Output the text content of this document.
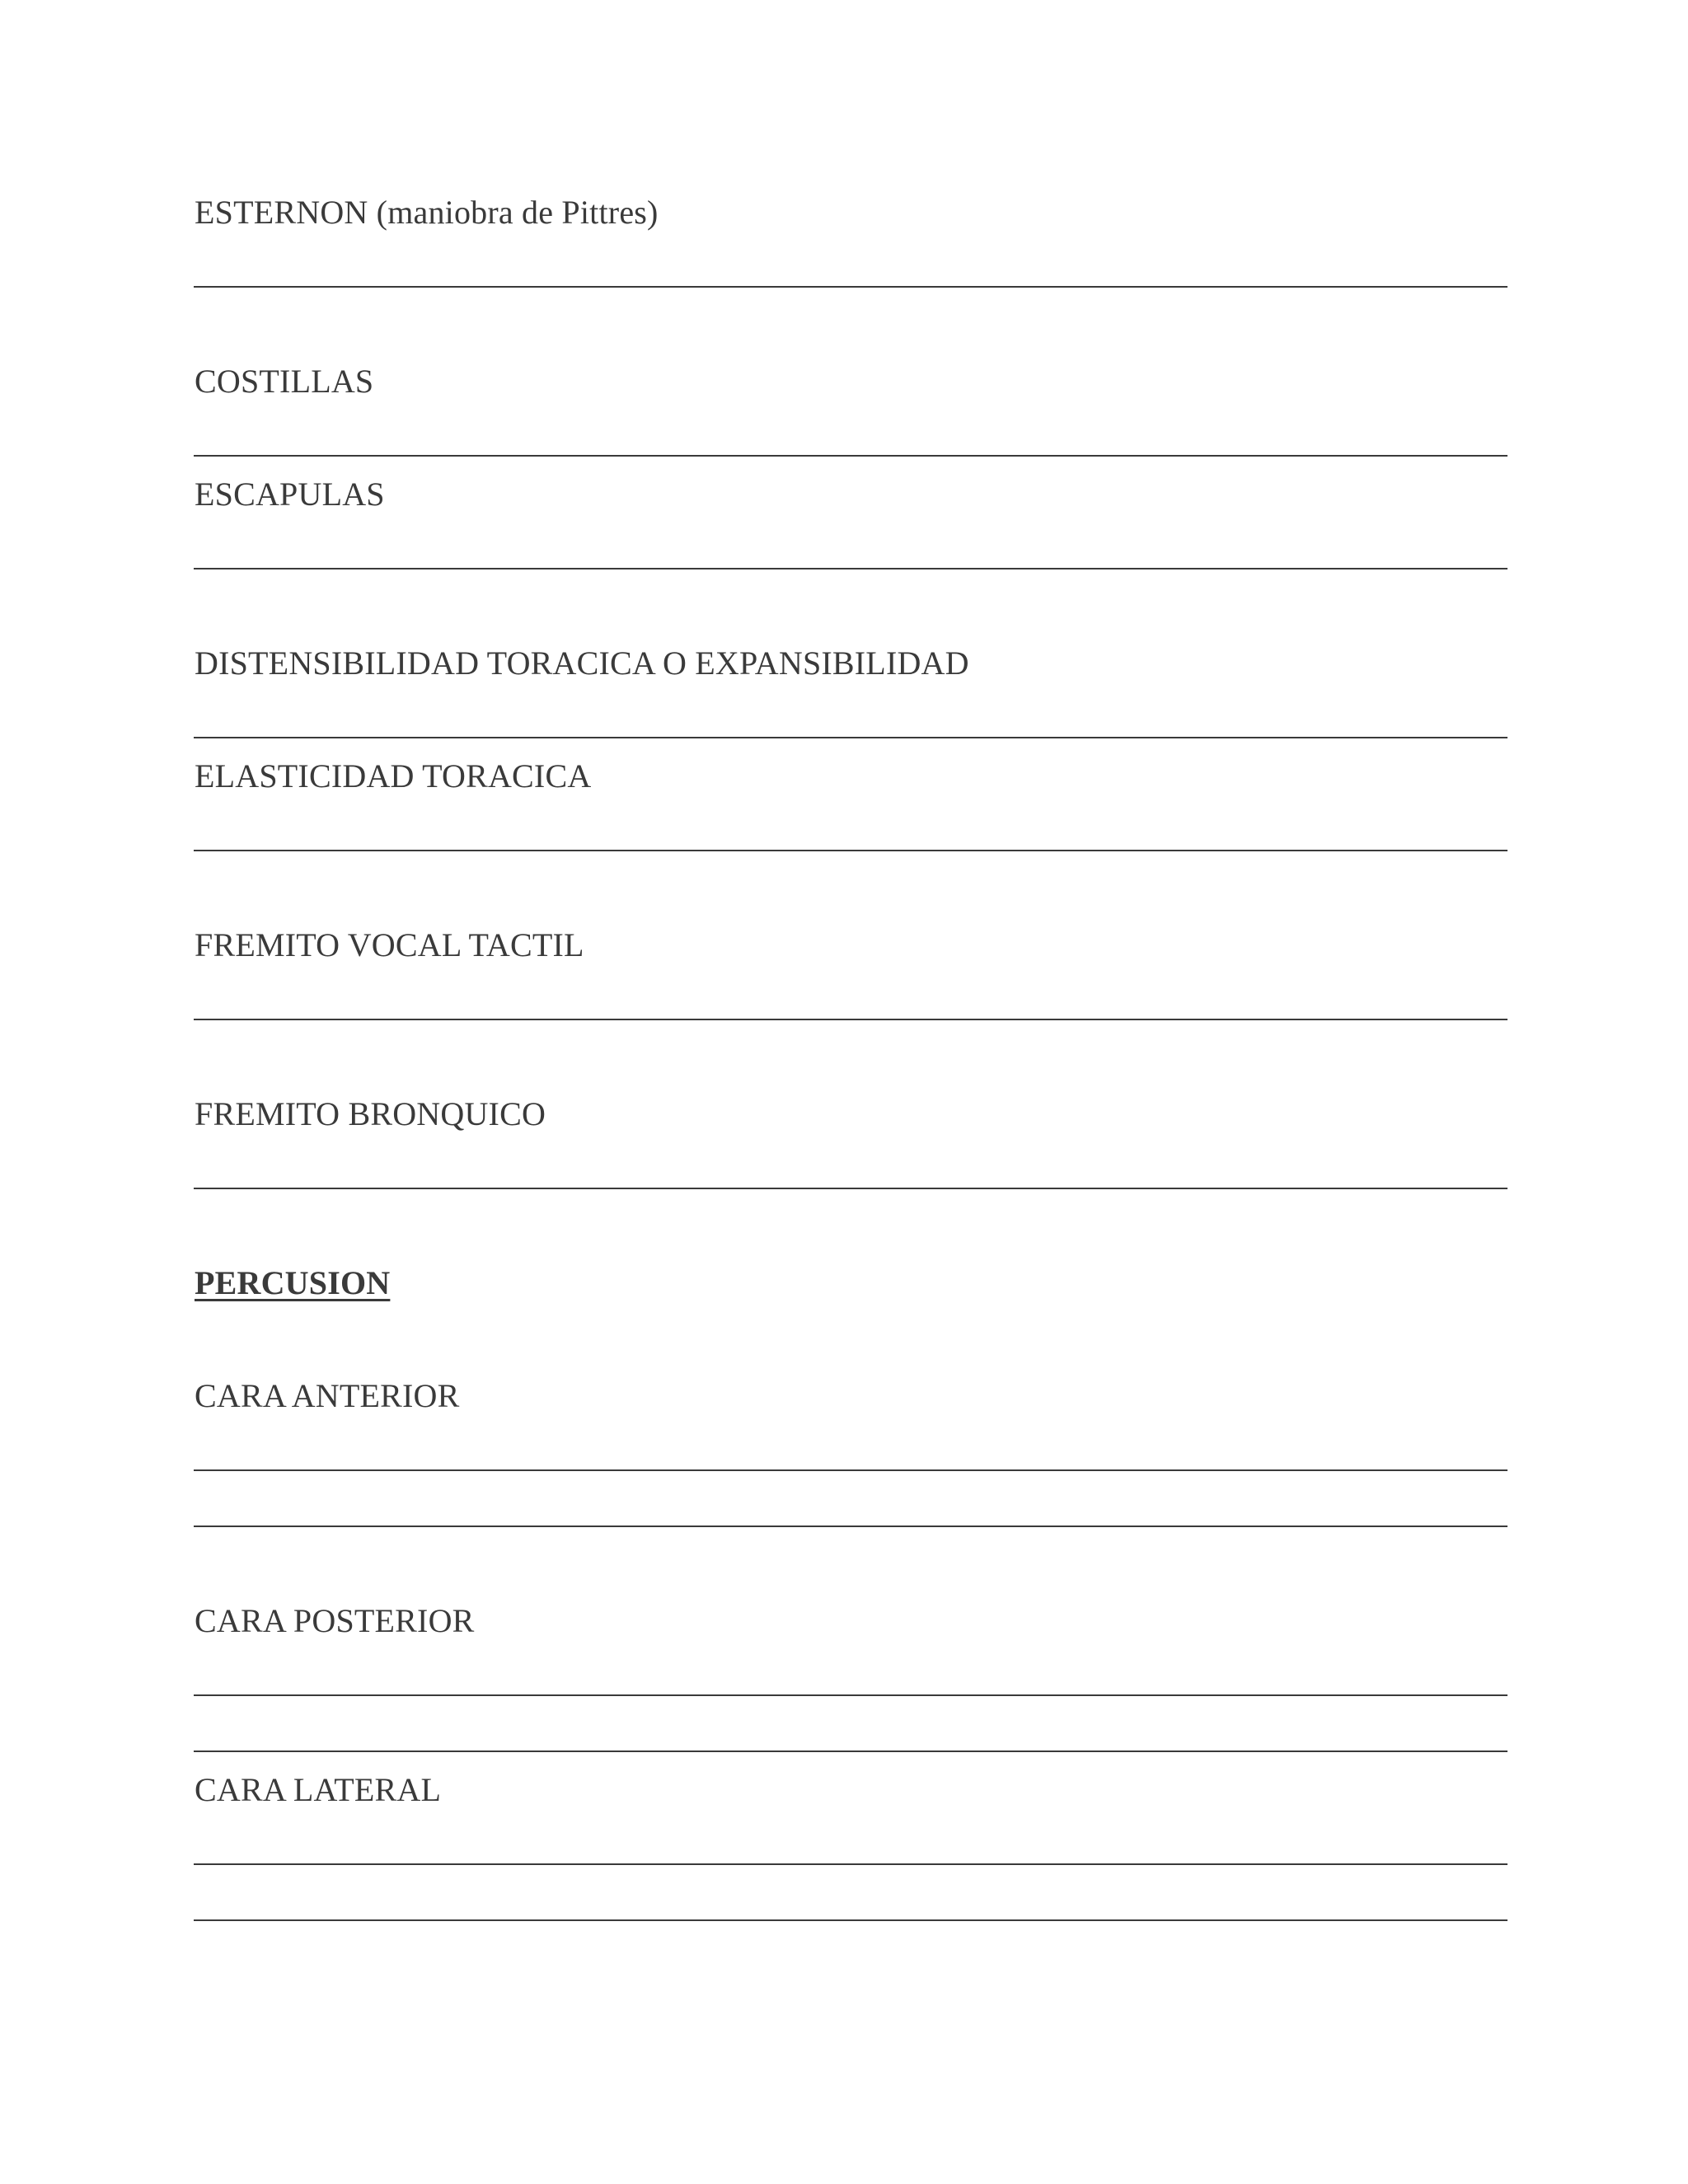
ESTERNON (maniobra de Pittres)
COSTILLAS
ESCAPULAS
DISTENSIBILIDAD TORACICA O EXPANSIBILIDAD
ELASTICIDAD TORACICA
FREMITO VOCAL TACTIL
FREMITO BRONQUICO
PERCUSION
CARA ANTERIOR
CARA POSTERIOR
CARA LATERAL
